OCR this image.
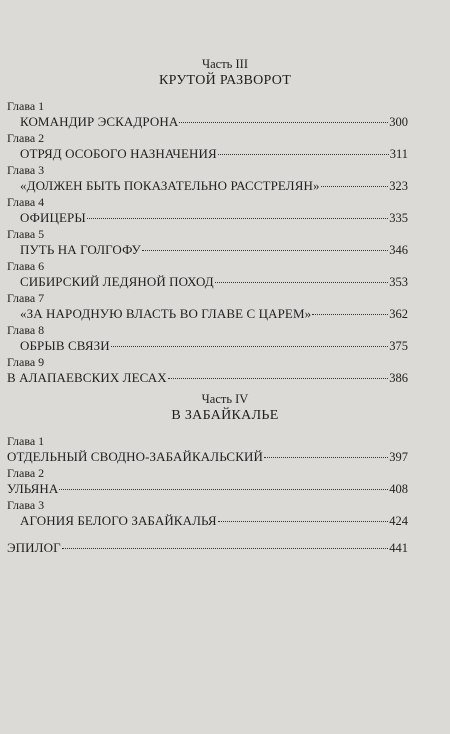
Часть III
КРУТОЙ РАЗВОРОТ
Глава 1
КОМАНДИР ЭСКАДРОНА	300
Глава 2
ОТРЯД ОСОБОГО НАЗНАЧЕНИЯ	311
Глава 3
«ДОЛЖЕН БЫТЬ ПОКАЗАТЕЛЬНО РАССТРЕЛЯН»	323
Глава 4
ОФИЦЕРЫ	335
Глава 5
ПУТЬ НА ГОЛГОФУ	346
Глава 6
СИБИРСКИЙ ЛЕДЯНОЙ ПОХОД	353
Глава 7
«ЗА НАРОДНУЮ ВЛАСТЬ ВО ГЛАВЕ С ЦАРЕМ»	362
Глава 8
ОБРЫВ СВЯЗИ	375
Глава 9
В АЛАПАЕВСКИХ ЛЕСАХ	386
Часть IV
В ЗАБАЙКАЛЬЕ
Глава 1
ОТДЕЛЬНЫЙ СВОДНО-ЗАБАЙКАЛЬСКИЙ	397
Глава 2
УЛЬЯНА	408
Глава 3
АГОНИЯ БЕЛОГО ЗАБАЙКАЛЬЯ	424
ЭПИЛОГ	441
